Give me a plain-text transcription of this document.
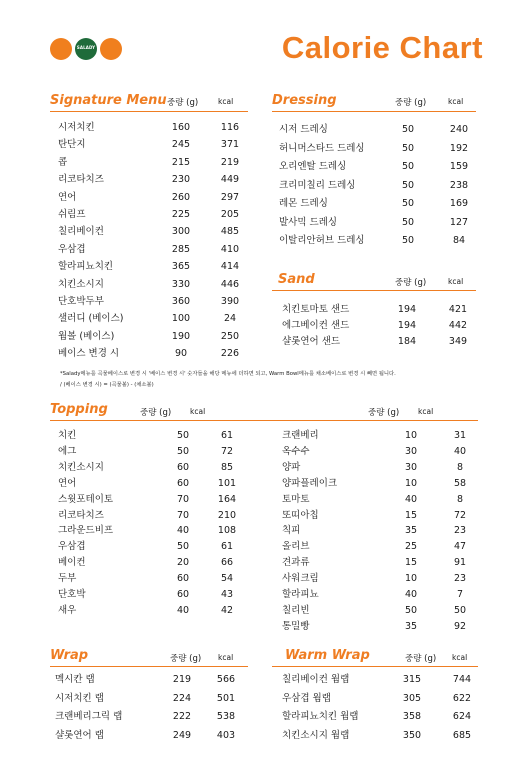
SALADY	Calorie Chart
Signature Menu 중량 (g)	kcal
시저치킨	160	116
탄단지	245	371
콥	215	219
리코타치즈	230	449
연어	260	297
쉬림프	225	205
칠리베이컨	300	485
우삼겹	285	410
할라피뇨치킨	365	414
치킨소시지	330	446
단호박두부	360	390
샐러디 (베이스)	100	24
웜볼 (베이스)	190	250
베이스 변경 시	90	226
Dressing	중량 (g)	kcal
시저 드레싱	50	240
허니머스타드 드레싱	50	192
오리엔탈 드레싱	50	159
크리미칠리 드레싱	50	238
레몬 드레싱	50	169
발사믹 드레싱	50	127
이탈리안허브 드레싱	50	84
Sand	중량 (g)	kcal
치킨토마토 샌드	194	421
에그베이컨 샌드	194	442
샬롯연어 샌드	184	349
*Salady메뉴를 곡물베이스로 변경 시 '베이스 변경 시' 숫자들을 해당 메뉴에 더하면 되고, Warm Bowl메뉴를 채소베이스로 변경 시 빼면 됩니다.
/ (베이스 변경 시) = (곡물볼) - (채소볼)
Topping	중량 (g)	kcal	중량 (g)	kcal
치킨	50	61
에그	50	72
치킨소시지	60	85
연어	60	101
스윗포테이토	70	164
리코타치즈	70	210
그라운드비프	40	108
우삼겹	50	61
베이컨	20	66
두부	60	54
단호박	60	43
새우	40	42
크랜베리	10	31
옥수수	30	40
양파	30	8
양파플레이크	10	58
토마토	40	8
또띠아칩	15	72
칙피	35	23
올리브	25	47
견과류	15	91
사워크림	10	23
할라피뇨	40	7
칠리빈	50	50
통밀빵	35	92
Wrap	중량 (g) kcal
멕시칸 랩	219	566
시저치킨 랩	224	501
크랜베리그릭 랩	222	538
샬롯연어 랩	249	403
Warm Wrap	중량 (g) kcal
칠리베이컨 웜랩	315	744
우삼겹 웜랩	305	622
할라피뇨치킨 웜랩	358	624
치킨소시지 웜랩	350	685
